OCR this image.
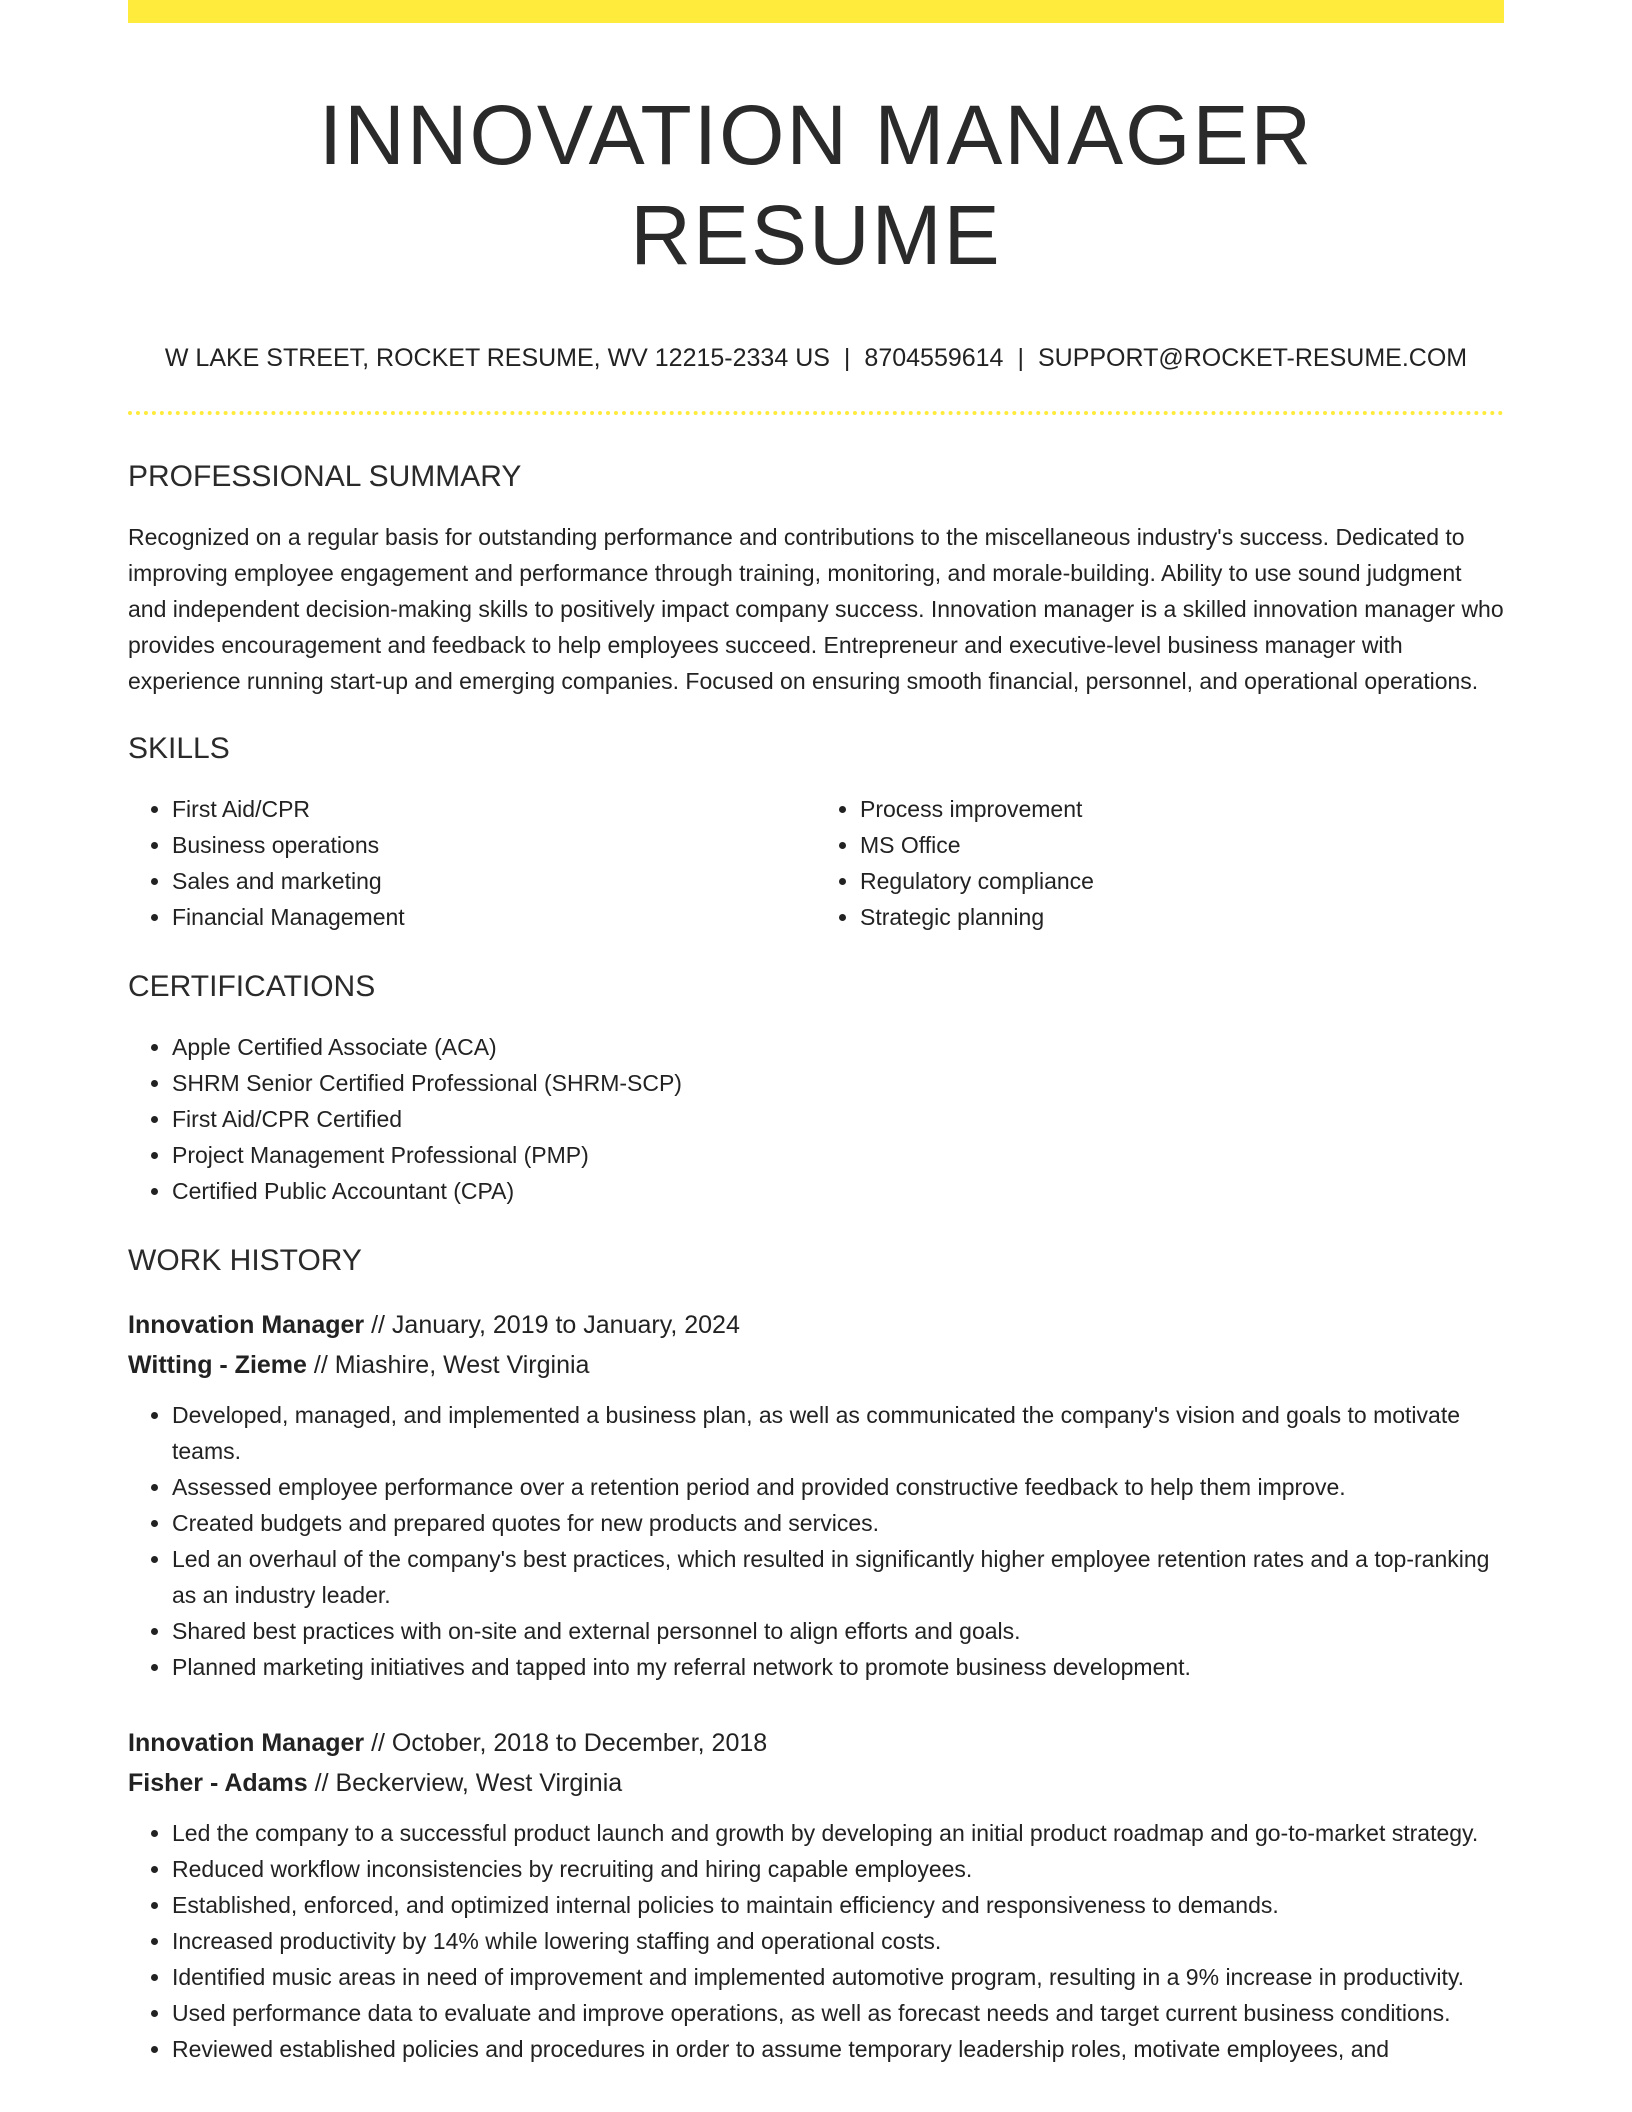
INNOVATION MANAGER RESUME
W LAKE STREET, ROCKET RESUME, WV 12215-2334 US | 8704559614 | SUPPORT@ROCKET-RESUME.COM
PROFESSIONAL SUMMARY

Recognized on a regular basis for outstanding performance and contributions to the miscellaneous industry's success. Dedicated to improving employee engagement and performance through training, monitoring, and morale-building. Ability to use sound judgment and independent decision-making skills to positively impact company success. Innovation manager is a skilled innovation manager who provides encouragement and feedback to help employees succeed. Entrepreneur and executive-level business manager with experience running start-up and emerging companies. Focused on ensuring smooth financial, personnel, and operational operations.

SKILLS
• First Aid/CPR
• Business operations
• Sales and marketing
• Financial Management
• Process improvement
• MS Office
• Regulatory compliance
• Strategic planning
CERTIFICATIONS
• Apple Certified Associate (ACA)
• SHRM Senior Certified Professional (SHRM-SCP)
• First Aid/CPR Certified
• Project Management Professional (PMP)
• Certified Public Accountant (CPA)
WORK HISTORY
Innovation Manager // January, 2019 to January, 2024
Witting - Zieme // Miashire, West Virginia
• Developed, managed, and implemented a business plan, as well as communicated the company's vision and goals to motivate teams.
• Assessed employee performance over a retention period and provided constructive feedback to help them improve.
• Created budgets and prepared quotes for new products and services.
• Led an overhaul of the company's best practices, which resulted in significantly higher employee retention rates and a top-ranking as an industry leader.
• Shared best practices with on-site and external personnel to align efforts and goals.
• Planned marketing initiatives and tapped into my referral network to promote business development.
Innovation Manager // October, 2018 to December, 2018
Fisher - Adams // Beckerview, West Virginia
• Led the company to a successful product launch and growth by developing an initial product roadmap and go-to-market strategy.
• Reduced workflow inconsistencies by recruiting and hiring capable employees.
• Established, enforced, and optimized internal policies to maintain efficiency and responsiveness to demands.
• Increased productivity by 14% while lowering staffing and operational costs.
• Identified music areas in need of improvement and implemented automotive program, resulting in a 9% increase in productivity.
• Used performance data to evaluate and improve operations, as well as forecast needs and target current business conditions.
• Reviewed established policies and procedures in order to assume temporary leadership roles, motivate employees, and
